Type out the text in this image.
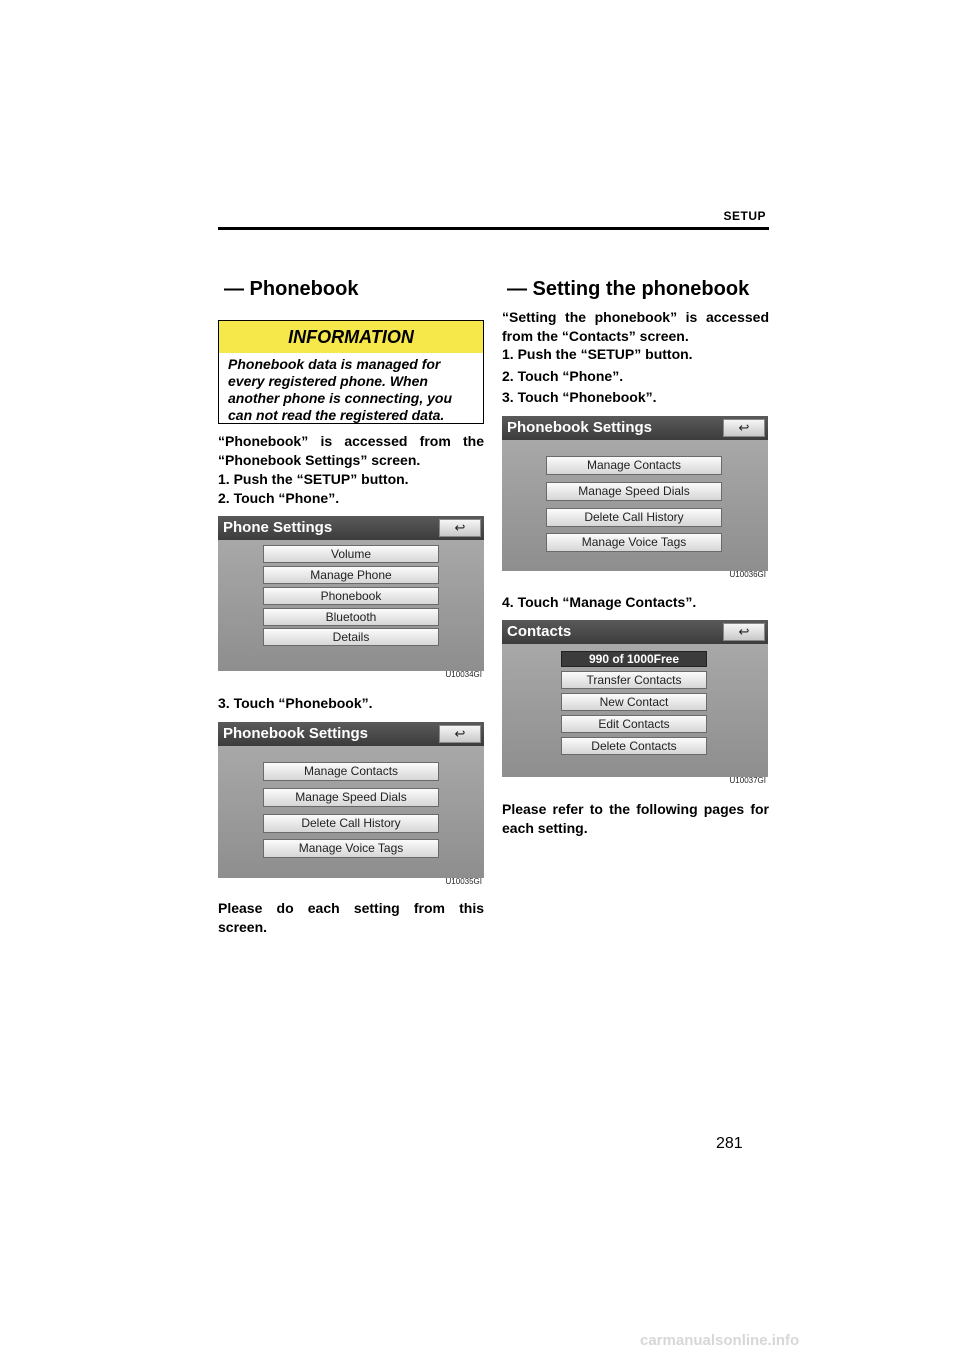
SETUP
— Phonebook
INFORMATION
Phonebook data is managed for every registered phone. When another phone is connecting, you can not read the registered data.
“Phonebook” is accessed from the “Phonebook Settings” screen.
1. Push the “SETUP” button.
2. Touch “Phone”.
Phone Settings	↩
Volume
Manage Phone
Phonebook
Bluetooth
Details
U10034GI
3. Touch “Phonebook”.
Phonebook Settings	↩
Manage Contacts
Manage Speed Dials
Delete Call History
Manage Voice Tags
U10035GI
Please do each setting from this screen.
— Setting the phonebook
“Setting the phonebook” is accessed from the “Contacts” screen.
1. Push the “SETUP” button.
2. Touch “Phone”.
3. Touch “Phonebook”.
Phonebook Settings	↩
Manage Contacts
Manage Speed Dials
Delete Call History
Manage Voice Tags
U10036GI
4. Touch “Manage Contacts”.
Contacts	↩
990 of 1000Free
Transfer Contacts
New Contact
Edit Contacts
Delete Contacts
U10037GI
Please refer to the following pages for each setting.
281
carmanualsonline.info
